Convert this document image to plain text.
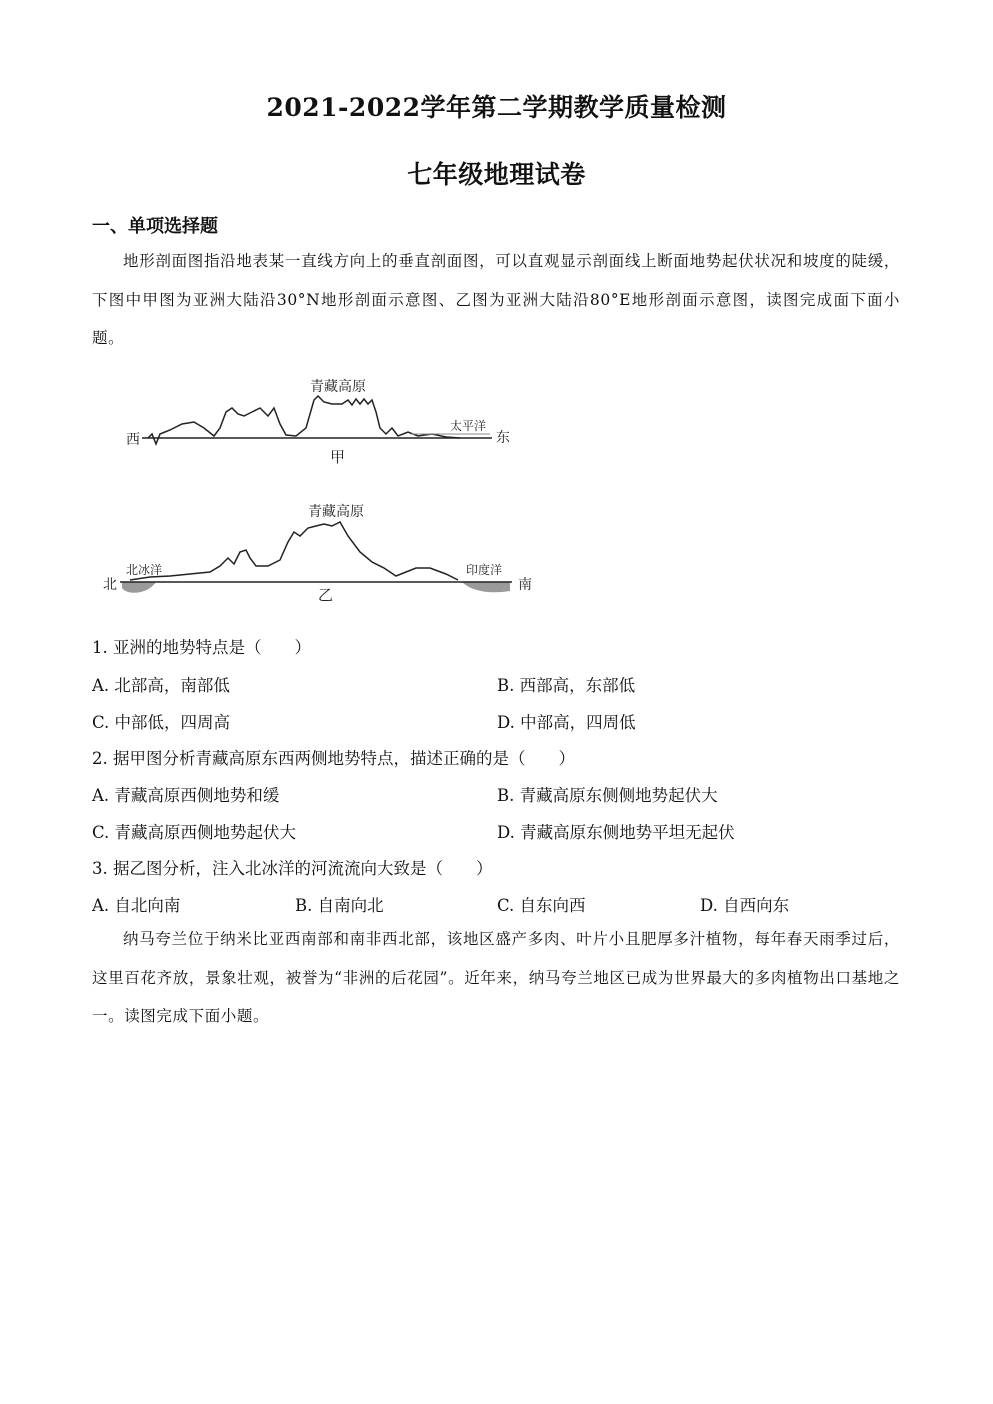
2021-2022学年第二学期教学质量检测
七年级地理试卷
一、单项选择题

地形剖面图指沿地表某一直线方向上的垂直剖面图，可以直观显示剖面线上断面地势起伏状况和坡度的陡缓，下图中甲图为亚洲大陆沿30°N地形剖面示意图、乙图为亚洲大陆沿80°E地形剖面示意图，读图完成面下面小题。

青藏高原
西	东
太平洋
甲
青藏高原
北	南
北冰洋	印度洋
乙
1. 亚洲的地势特点是（　　）
A. 北部高，南部低	B. 西部高，东部低
C. 中部低，四周高	D. 中部高，四周低
2. 据甲图分析青藏高原东西两侧地势特点，描述正确的是（　　）
A. 青藏高原西侧地势和缓	B. 青藏高原东侧侧地势起伏大
C. 青藏高原西侧地势起伏大	D. 青藏高原东侧地势平坦无起伏
3. 据乙图分析，注入北冰洋的河流流向大致是（　　）
A. 自北向南	B. 自南向北	C. 自东向西	D. 自西向东

纳马夸兰位于纳米比亚西南部和南非西北部，该地区盛产多肉、叶片小且肥厚多汁植物，每年春天雨季过后，这里百花齐放，景象壮观，被誉为“非洲的后花园”。近年来，纳马夸兰地区已成为世界最大的多肉植物出口基地之一。读图完成下面小题。
